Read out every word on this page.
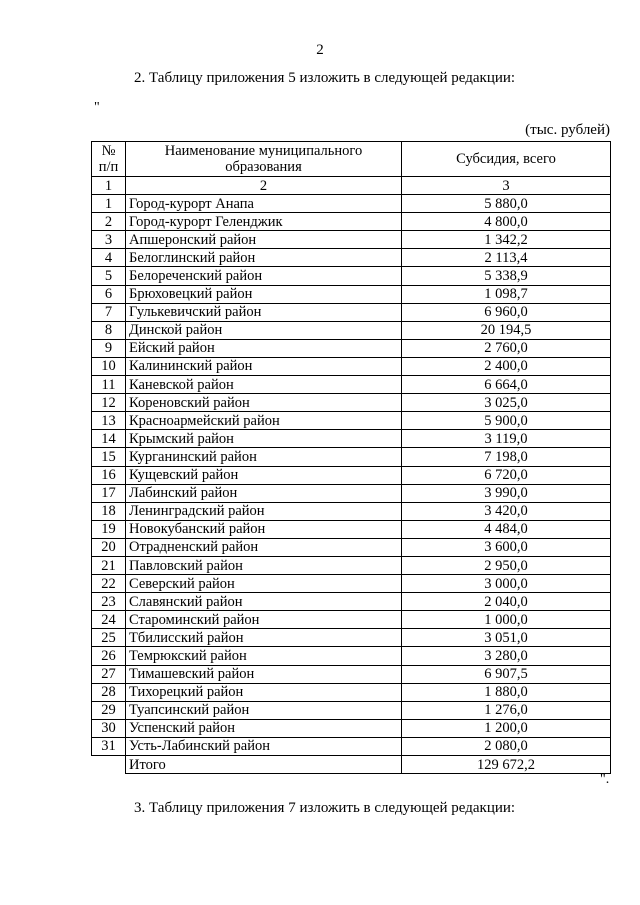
2
2. Таблицу приложения 5 изложить в следующей редакции:
"
(тыс. рублей)
№ п/п	Наименование муниципального образования	Субсидия, всего
1	2	3
1	Город-курорт Анапа	5 880,0
2	Город-курорт Геленджик	4 800,0
3	Апшеронский район	1 342,2
4	Белоглинский район	2 113,4
5	Белореченский район	5 338,9
6	Брюховецкий район	1 098,7
7	Гулькевичский район	6 960,0
8	Динской район	20 194,5
9	Ейский район	2 760,0
10	Калининский район	2 400,0
11	Каневской район	6 664,0
12	Кореновский район	3 025,0
13	Красноармейский район	5 900,0
14	Крымский район	3 119,0
15	Курганинский район	7 198,0
16	Кущевский район	6 720,0
17	Лабинский район	3 990,0
18	Ленинградский район	3 420,0
19	Новокубанский район	4 484,0
20	Отрадненский район	3 600,0
21	Павловский район	2 950,0
22	Северский район	3 000,0
23	Славянский район	2 040,0
24	Староминский район	1 000,0
25	Тбилисский район	3 051,0
26	Темрюкский район	3 280,0
27	Тимашевский район	6 907,5
28	Тихорецкий район	1 880,0
29	Туапсинский район	1 276,0
30	Успенский район	1 200,0
31	Усть-Лабинский район	2 080,0
	Итого	129 672,2
".
3. Таблицу приложения 7 изложить в следующей редакции:
